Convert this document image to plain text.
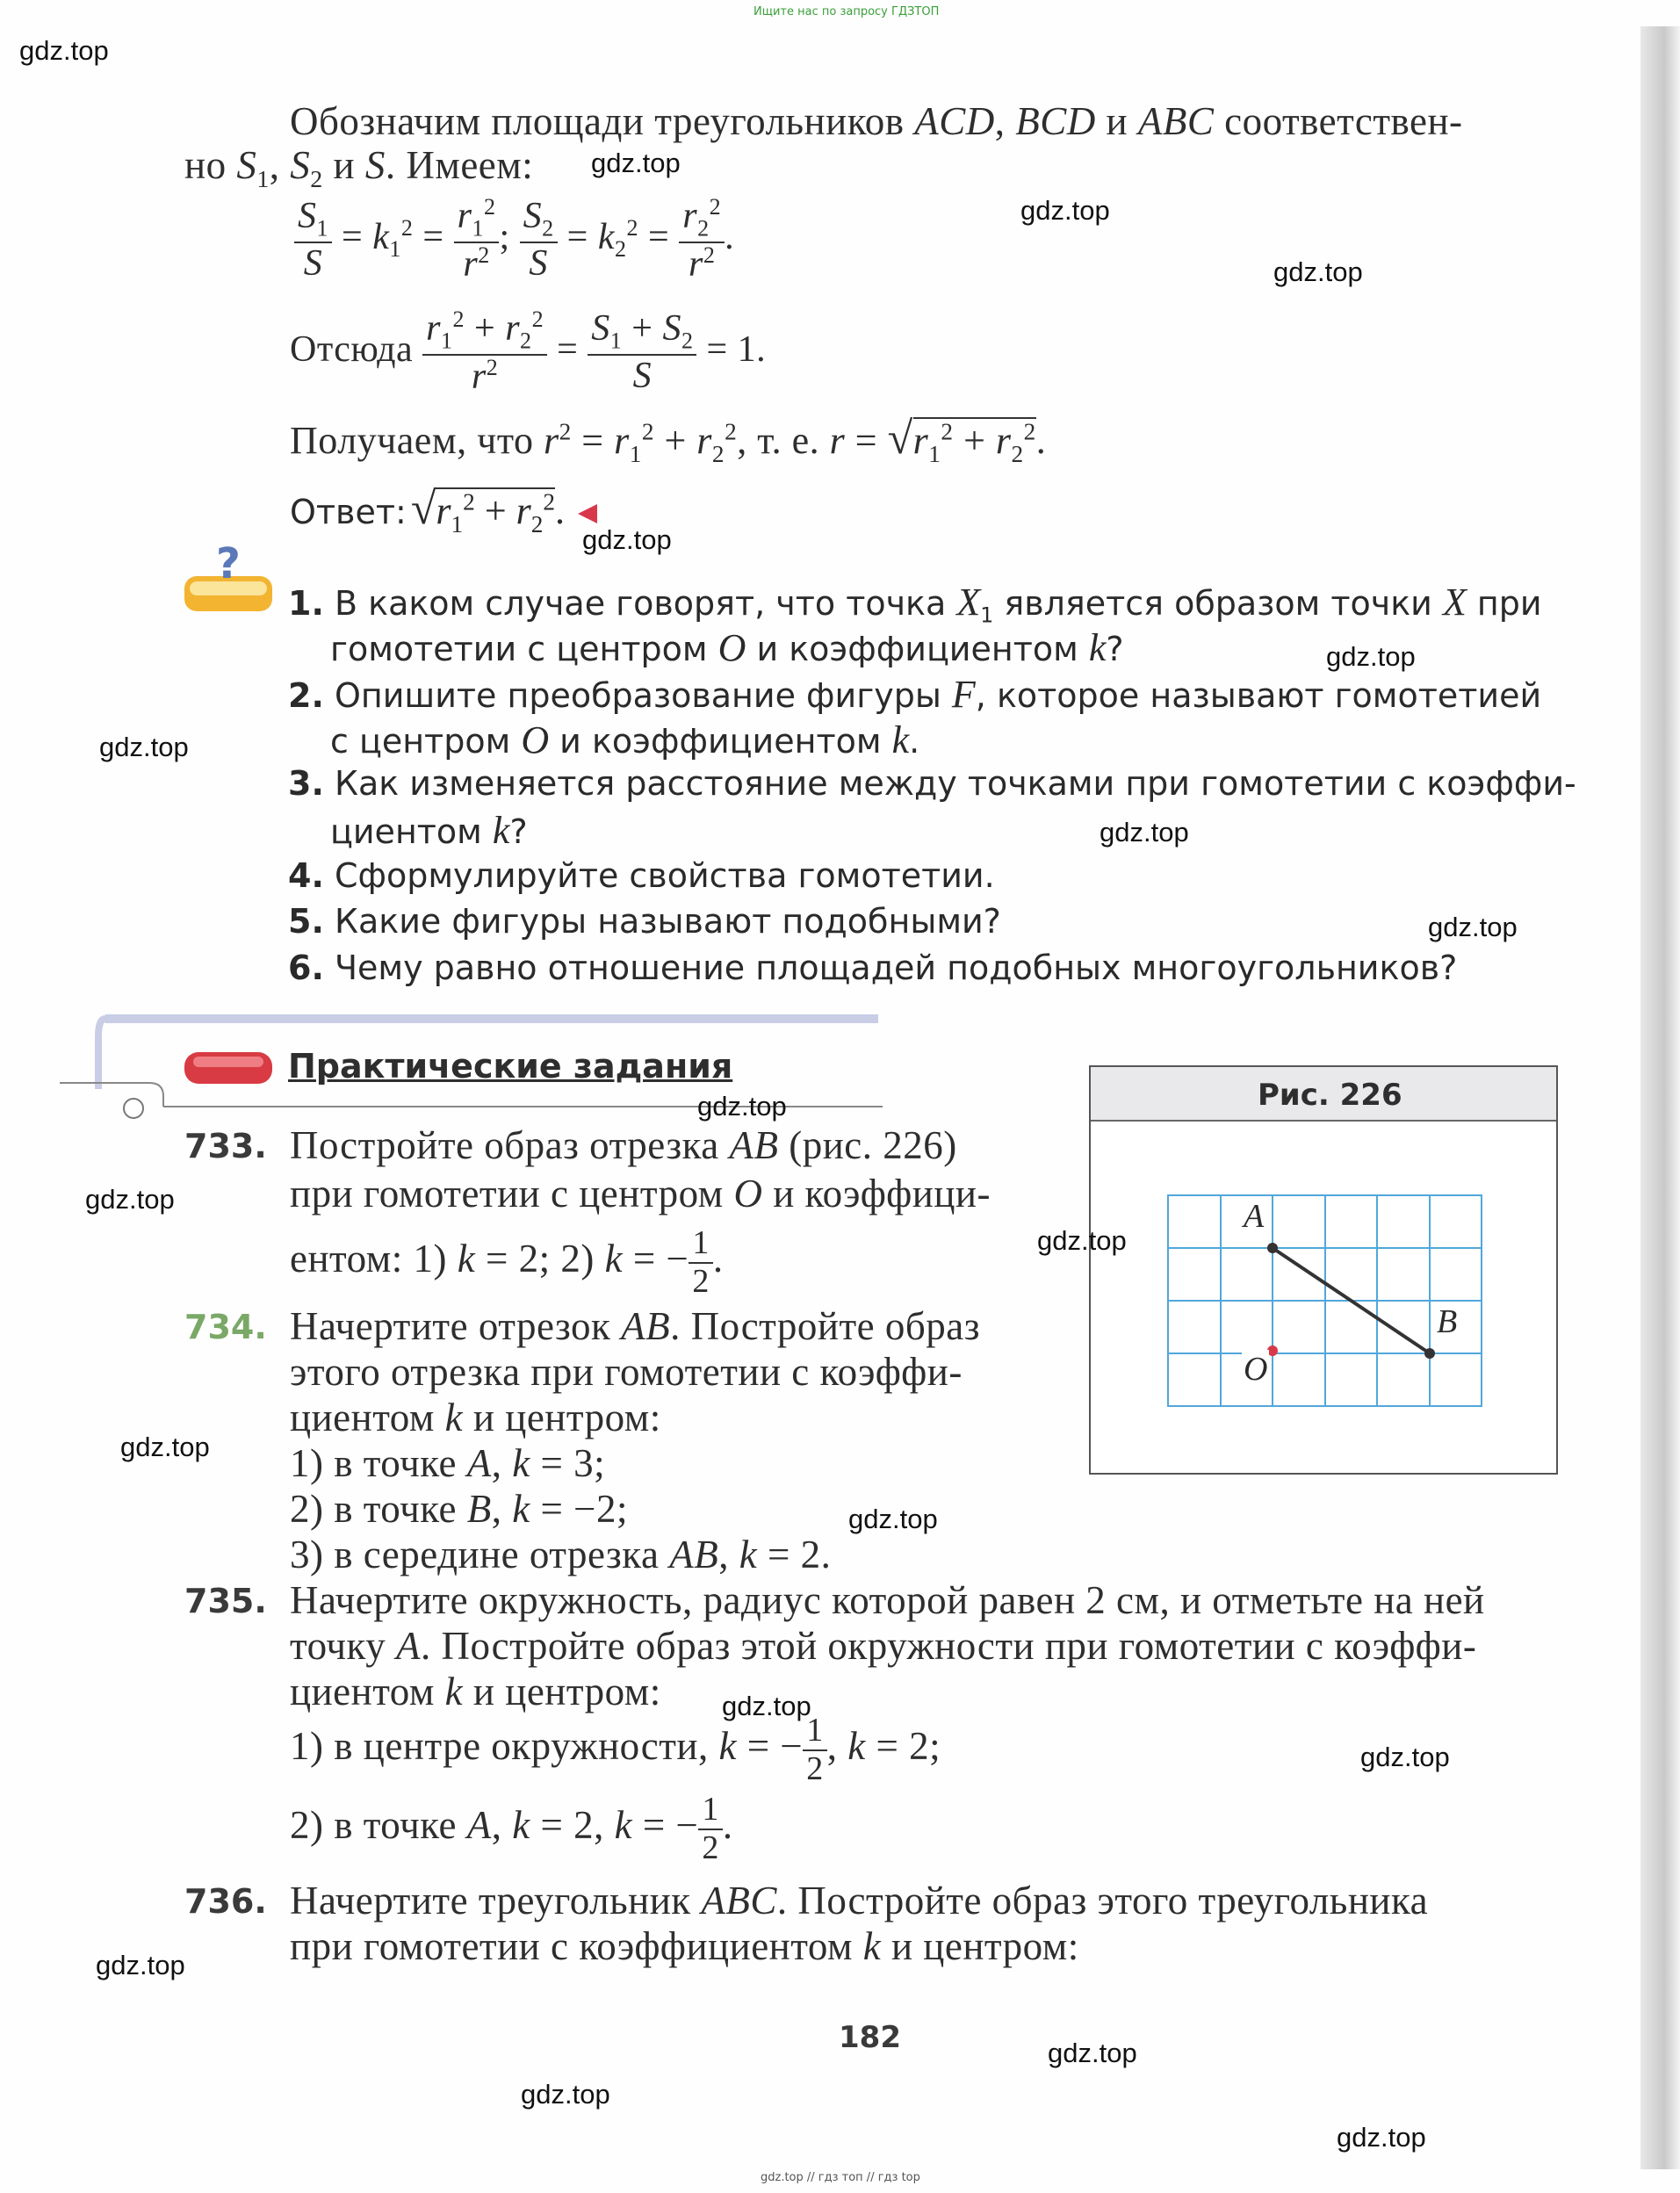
Ищите нас по запросу ГДЗТОП
Обозначим площади треугольников ACD, BCD и ABC соответствен-
но $S_1$, $S_2$ и S. Имеем:
$\frac{S_1}{S} = k_1^2 = \frac{r_1^2}{r^2}$ ; $\frac{S_2}{S} = k_2^2 = \frac{r_2^2}{r^2}$ .
Отсюда $\frac{r_1^2 + r_2^2}{r^2} = \frac{S_1 + S_2}{S} = 1$.
Получаем, что $r^2 = r_1^2 + r_2^2$, т. е. $r = √r_1^2 + r_2^2$.
Ответ: $√r_1^2 + r_2^2$.
?
1. В каком случае говорят, что точка $X_1$ является образом точки X при
гомотетии с центром O и коэффициентом k?
2. Опишите преобразование фигуры F, которое называют гомотетией
с центром O и коэффициентом k.
3. Как изменяется расстояние между точками при гомотетии с коэффи-
циентом k?
4. Сформулируйте свойства гомотетии.
5. Какие фигуры называют подобными?
6. Чему равно отношение площадей подобных многоугольников?
Практические задания
Рис. 226
A
B
O
733. Постройте образ отрезка AB (рис. 226)
при гомотетии с центром O и коэффици-
ентом: 1) k = 2; 2) k = − $\frac{1}{2}$ .
734. Начертите отрезок AB. Постройте образ
этого отрезка при гомотетии с коэффи-
циентом k и центром:
1) в точке A, k = 3;
2) в точке B, k = −2;
3) в середине отрезка AB, k = 2.
735. Начертите окружность, радиус которой равен 2 см, и отметьте на ней
точку A. Постройте образ этой окружности при гомотетии с коэффи-
циентом k и центром:
1) в центре окружности, k = − $\frac{1}{2}$ , k = 2;
2) в точке A, k = 2, k = − $\frac{1}{2}$ .
736. Начертите треугольник ABC. Постройте образ этого треугольника
при гомотетии с коэффициентом k и центром:
182
gdz.top
gdz.top
gdz.top
gdz.top
gdz.top
gdz.top
gdz.top
gdz.top
gdz.top
gdz.top
gdz.top
gdz.top
gdz.top
gdz.top
gdz.top
gdz.top
gdz.top
gdz.top
gdz.top
gdz.top
gdz.top // гдз топ // гдз top
